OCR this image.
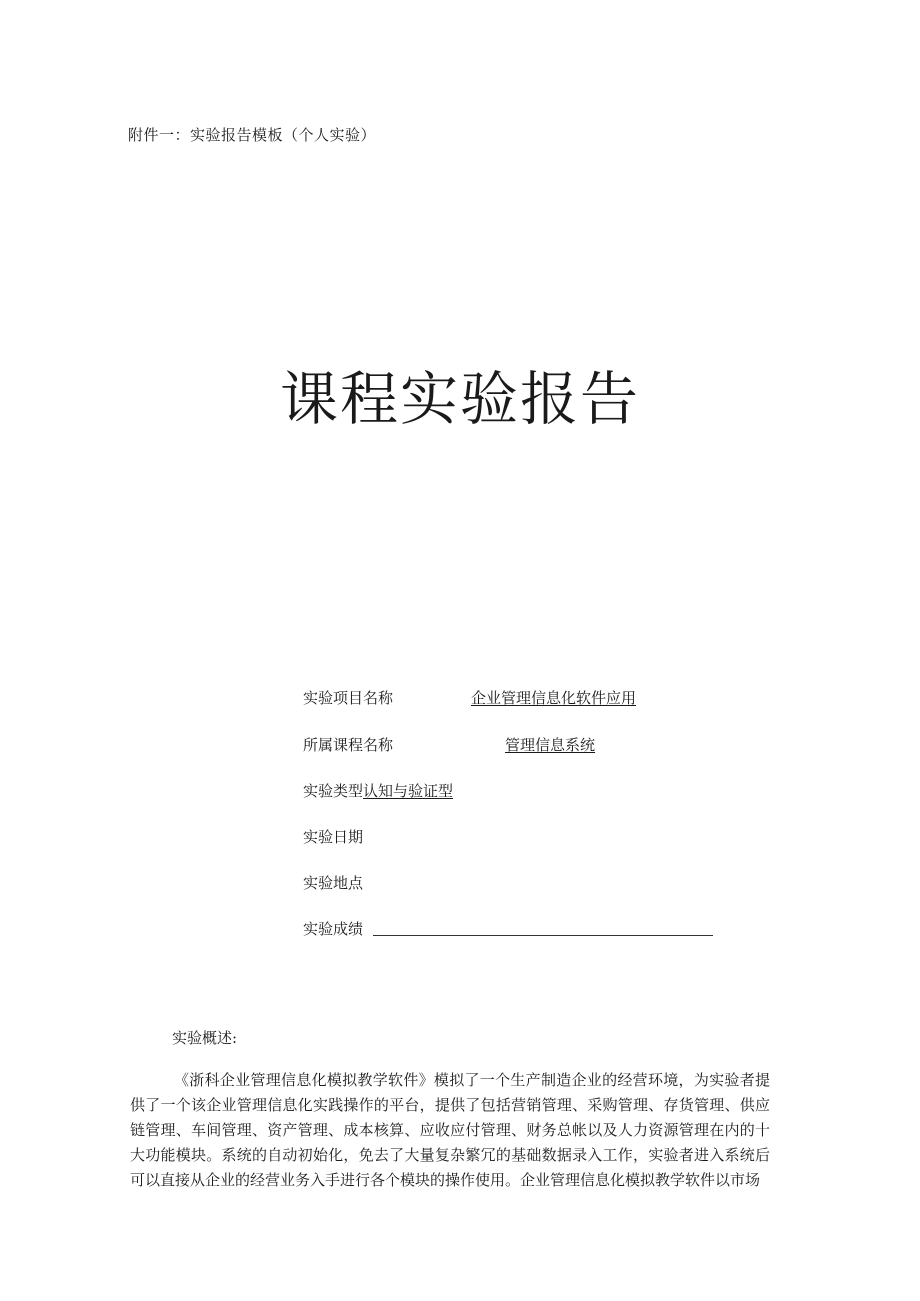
附件一：实验报告模板（个人实验）
课程实验报告
实验项目名称	企业管理信息化软件应用
所属课程名称	管理信息系统
实验类型认知与验证型
实验日期
实验地点
实验成绩
实验概述:

《浙科企业管理信息化模拟教学软件》模拟了一个生产制造企业的经营环境，为实验者提供了一个该企业管理信息化实践操作的平台，提供了包括营销管理、采购管理、存货管理、供应链管理、车间管理、资产管理、成本核算、应收应付管理、财务总帐以及人力资源管理在内的十大功能模块。系统的自动初始化，免去了大量复杂繁冗的基础数据录入工作，实验者进入系统后可以直接从企业的经营业务入手进行各个模块的操作使用。企业管理信息化模拟教学软件以市场
